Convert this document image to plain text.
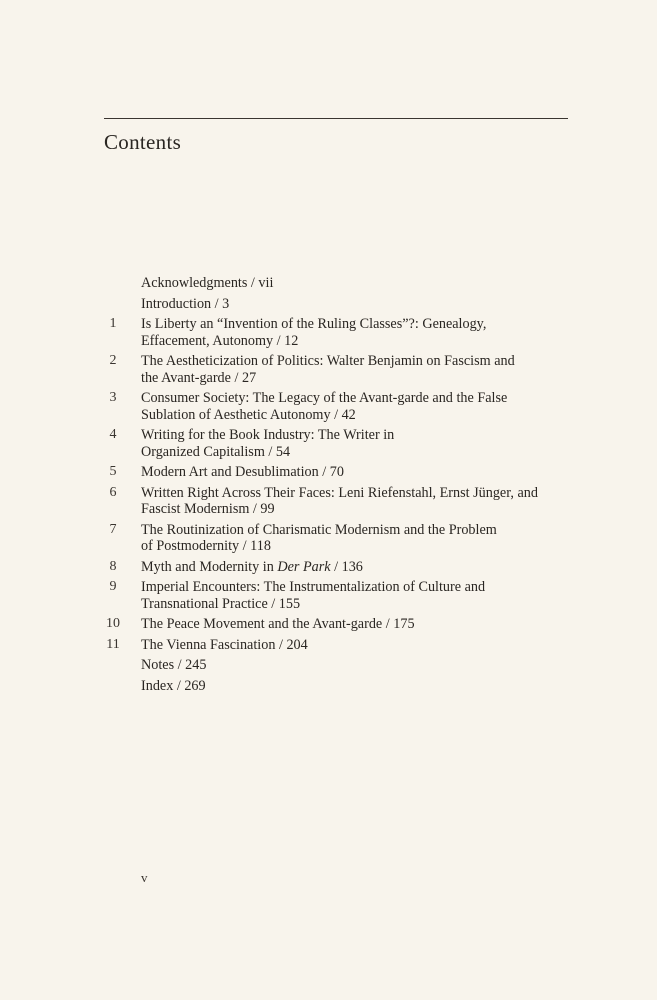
Contents
Acknowledgments / vii
Introduction / 3
1	Is Liberty an “Invention of the Ruling Classes”?: Genealogy,
Effacement, Autonomy / 12
2	The Aestheticization of Politics: Walter Benjamin on Fascism and
the Avant-garde / 27
3	Consumer Society: The Legacy of the Avant-garde and the False
Sublation of Aesthetic Autonomy / 42
4	Writing for the Book Industry: The Writer in
Organized Capitalism / 54
5	Modern Art and Desublimation / 70
6	Written Right Across Their Faces: Leni Riefenstahl, Ernst Jünger, and
Fascist Modernism / 99
7	The Routinization of Charismatic Modernism and the Problem
of Postmodernity / 118
8	Myth and Modernity in Der Park / 136
9	Imperial Encounters: The Instrumentalization of Culture and
Transnational Practice / 155
10 The Peace Movement and the Avant-garde / 175
11 The Vienna Fascination / 204
Notes / 245
Index / 269
v
